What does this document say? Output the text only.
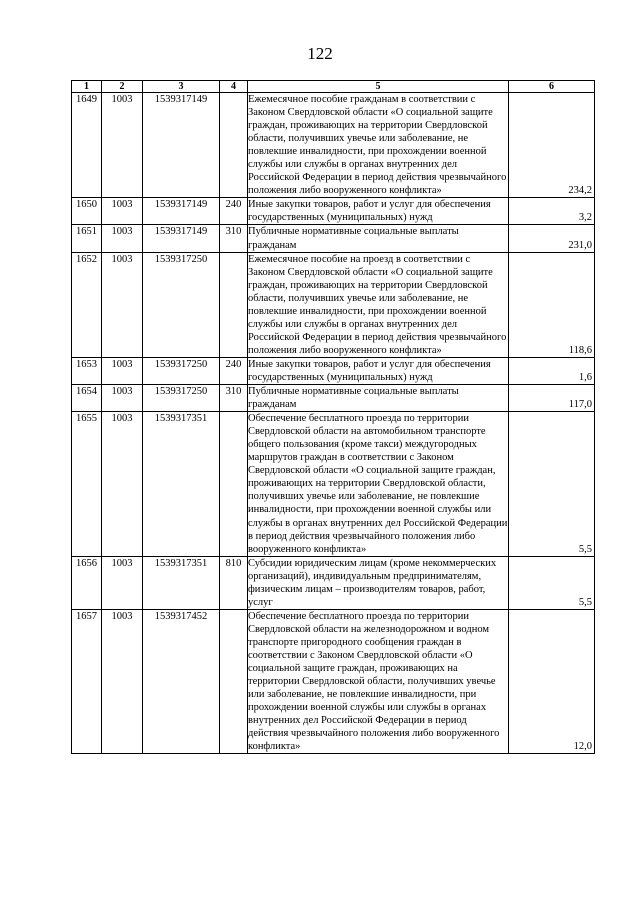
122
1	2	3	4	5	6
1649	1003	1539317149		Ежемесячное пособие гражданам в соответствии с Законом Свердловской области «О социальной защите граждан, проживающих на территории Свердловской области, получивших увечье или заболевание, не повлекшие инвалидности, при прохождении военной службы или службы в органах внутренних дел Российской Федерации в период действия чрезвычайного положения либо вооруженного конфликта»	234,2

1650	1003	1539317149	240	Иные закупки товаров, работ и услуг для обеспечения государственных (муниципальных) нужд	3,2

1651	1003	1539317149	310	Публичные нормативные социальные выплаты гражданам	231,0

1652	1003	1539317250		Ежемесячное пособие на проезд в соответствии с Законом Свердловской области «О социальной защите граждан, проживающих на территории Свердловской области, получивших увечье или заболевание, не повлекшие инвалидности, при прохождении военной службы или службы в органах внутренних дел Российской Федерации в период действия чрезвычайного положения либо вооруженного конфликта»	118,6

1653	1003	1539317250	240	Иные закупки товаров, работ и услуг для обеспечения государственных (муниципальных) нужд	1,6

1654	1003	1539317250	310	Публичные нормативные социальные выплаты гражданам	117,0

1655	1003	1539317351		Обеспечение бесплатного проезда по территории Свердловской области на автомобильном транспорте общего пользования (кроме такси) междугородных маршрутов граждан в соответствии с Законом Свердловской области «О социальной защите граждан, проживающих на территории Свердловской области, получивших увечье или заболевание, не повлекшие инвалидности, при прохождении военной службы или службы в органах внутренних дел Российской Федерации в период действия чрезвычайного положения либо вооруженного конфликта»	5,5

1656	1003	1539317351	810	Субсидии юридическим лицам (кроме некоммерческих организаций), индивидуальным предпринимателям, физическим лицам – производителям товаров, работ, услуг	5,5

1657	1003	1539317452		Обеспечение бесплатного проезда по территории Свердловской области на железнодорожном и водном транспорте пригородного сообщения граждан в соответствии с Законом Свердловской области «О социальной защите граждан, проживающих на территории Свердловской области, получивших увечье или заболевание, не повлекшие инвалидности, при прохождении военной службы или службы в органах внутренних дел Российской Федерации в период действия чрезвычайного положения либо вооруженного конфликта»	12,0
